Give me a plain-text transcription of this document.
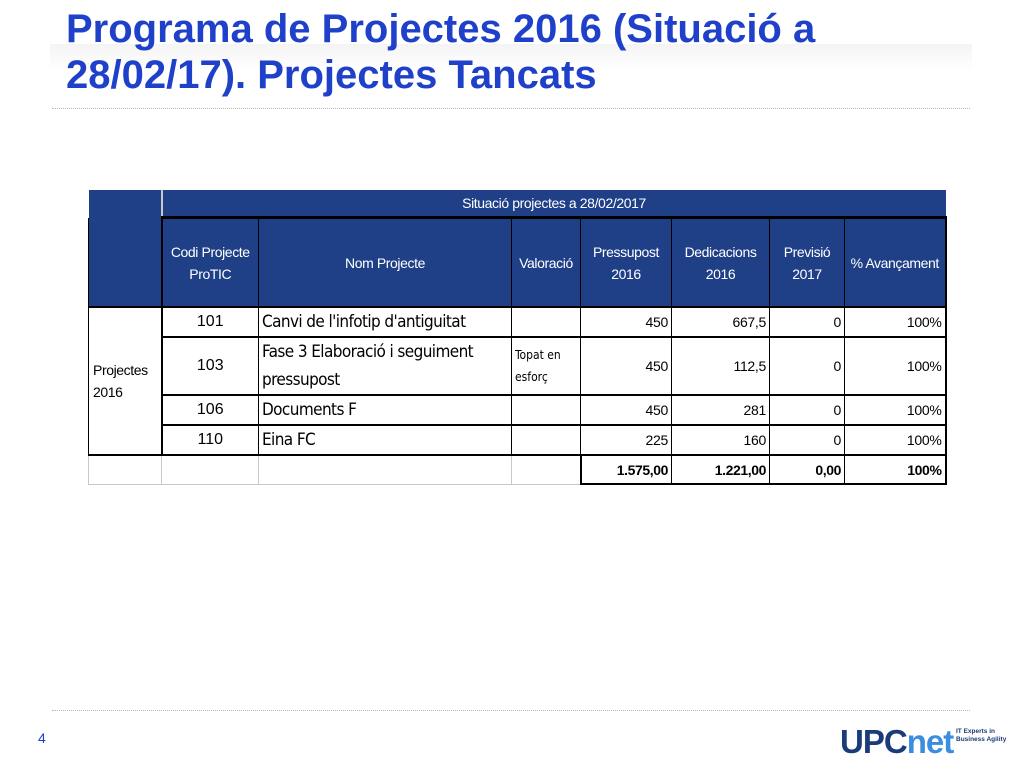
Programa de Projectes 2016 (Situació a 28/02/17). Projectes Tancats
	Situació projectes a 28/02/2017						
	Codi Projecte ProTIC	Nom Projecte	Valoració	Pressupost 2016	Dedicacions 2016	Previsió 2017	% Avançament
Projectes 2016	101	Canvi de l'infotip d'antiguitat		450	667,5	0	100%
	103	Fase 3 Elaboració i seguiment pressupost	Topat en esforç	450	112,5	0	100%
	106	Documents F		450	281	0	100%
	110	Eina FC		225	160	0	100%
				1.575,00	1.221,00	0,00	100%
4	UPCnet IT Experts in Business Agility
